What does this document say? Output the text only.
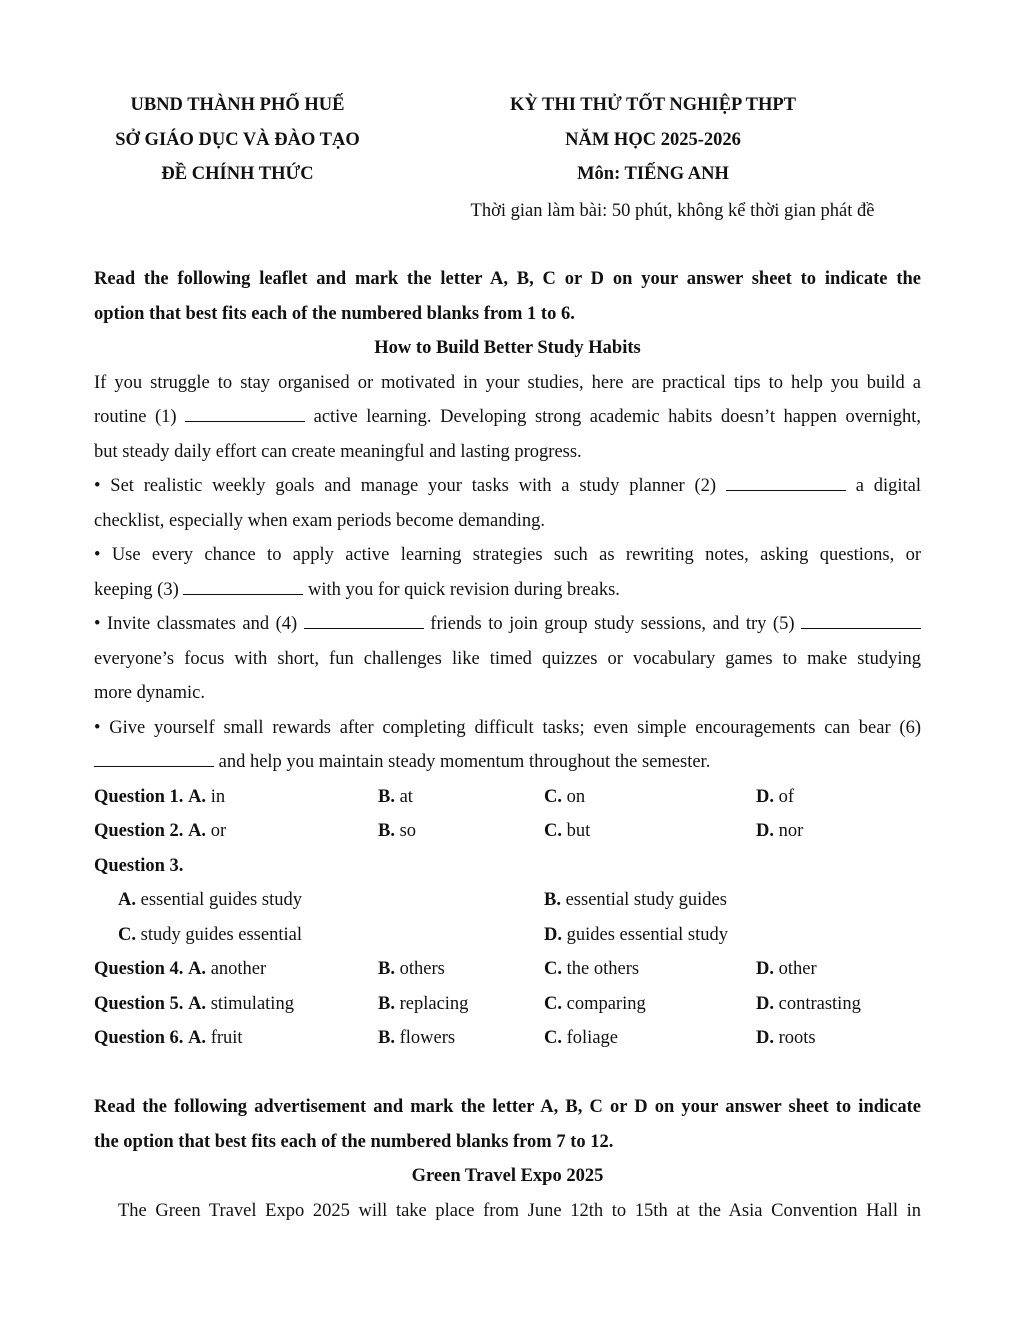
UBND THÀNH PHỐ HUẾ
SỞ GIÁO DỤC VÀ ĐÀO TẠO
ĐỀ CHÍNH THỨC
KỲ THI THỬ TỐT NGHIỆP THPT
NĂM HỌC 2025-2026
Môn: TIẾNG ANH
Thời gian làm bài: 50 phút, không kể thời gian phát đề
Read the following leaflet and mark the letter A, B, C or D on your answer sheet to indicate the
option that best fits each of the numbered blanks from 1 to 6.
How to Build Better Study Habits
If you struggle to stay organised or motivated in your studies, here are practical tips to help you build a
routine (1)	active learning. Developing strong academic habits doesn’t happen overnight,
but steady daily effort can create meaningful and lasting progress.
• Set realistic weekly goals and manage your tasks with a study planner (2)	a digital
checklist, especially when exam periods become demanding.
• Use every chance to apply active learning strategies such as rewriting notes, asking questions, or
keeping (3)	with you for quick revision during breaks.
• Invite classmates and (4)	friends to join group study sessions, and try (5)
everyone’s focus with short, fun challenges like timed quizzes or vocabulary games to make studying
more dynamic.
• Give yourself small rewards after completing difficult tasks; even simple encouragements can bear (6)
and help you maintain steady momentum throughout the semester.
Question 1. A. in	B. at	C. on	D. of
Question 2. A. or	B. so	C. but	D. nor
Question 3.
A. essential guides study	B. essential study guides
C. study guides essential	D. guides essential study
Question 4. A. another	B. others	C. the others	D. other
Question 5. A. stimulating	B. replacing	C. comparing	D. contrasting
Question 6. A. fruit	B. flowers	C. foliage	D. roots
Read the following advertisement and mark the letter A, B, C or D on your answer sheet to indicate
the option that best fits each of the numbered blanks from 7 to 12.
Green Travel Expo 2025
The Green Travel Expo 2025 will take place from June 12th to 15th at the Asia Convention Hall in
